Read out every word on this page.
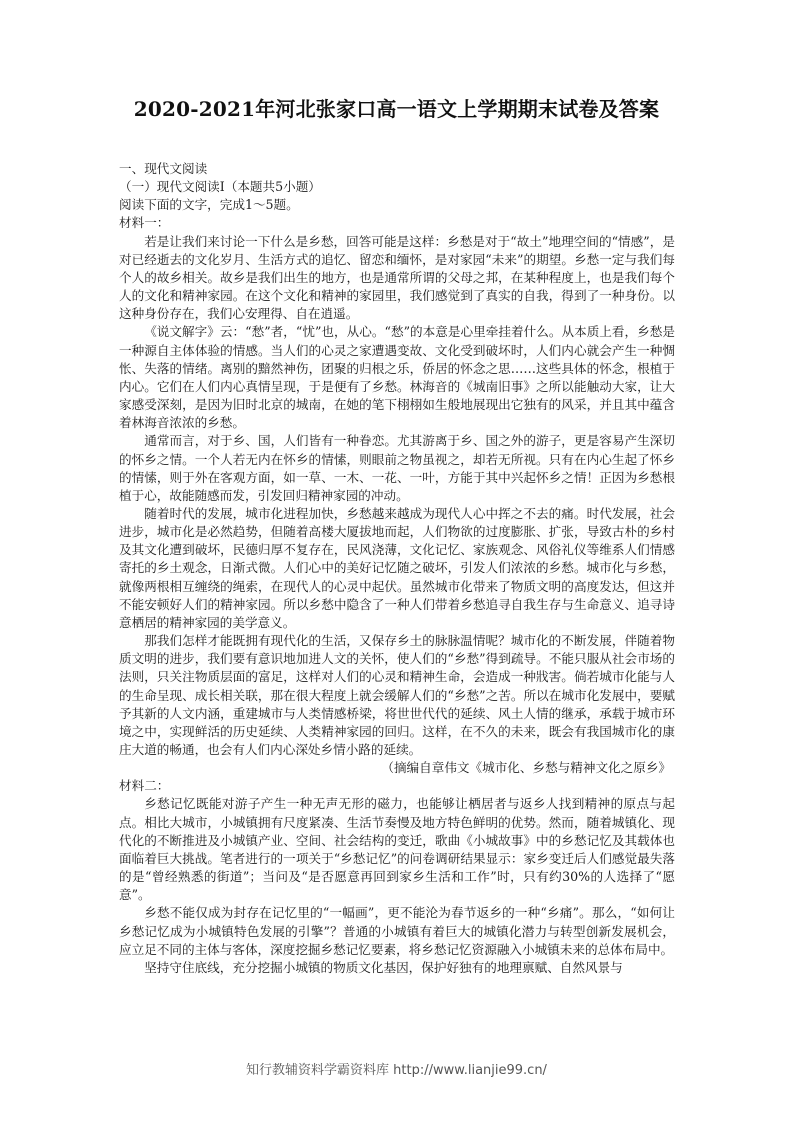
2020-2021年河北张家口高一语文上学期期末试卷及答案
一、现代文阅读
（一）现代文阅读Ⅰ（本题共5小题）
阅读下面的文字，完成1～5题。
材料一：

若是让我们来讨论一下什么是乡愁，回答可能是这样：乡愁是对于“故土”地理空间的“情感”，是对已经逝去的文化岁月、生活方式的追忆、留恋和缅怀，是对家园“未来”的期望。乡愁一定与我们每个人的故乡相关。故乡是我们出生的地方，也是通常所谓的父母之邦，在某种程度上，也是我们每个人的文化和精神家园。在这个文化和精神的家园里，我们感觉到了真实的自我，得到了一种身份。以这种身份存在，我们心安理得、自在逍遥。

《说文解字》云：“愁”者，“忧”也，从心。“愁”的本意是心里牵挂着什么。从本质上看，乡愁是一种源自主体体验的情感。当人们的心灵之家遭遇变故、文化受到破坏时，人们内心就会产生一种惆怅、失落的情绪。离别的黯然神伤，团聚的归根之乐，侨居的怀念之思……这些具体的怀念，根植于内心。它们在人们内心真情呈现，于是便有了乡愁。林海音的《城南旧事》之所以能触动大家，让大家感受深刻，是因为旧时北京的城南，在她的笔下栩栩如生般地展现出它独有的风采，并且其中蕴含着林海音浓浓的乡愁。

通常而言，对于乡、国，人们皆有一种眷恋。尤其游离于乡、国之外的游子，更是容易产生深切的怀乡之情。一个人若无内在怀乡的情愫，则眼前之物虽视之，却若无所视。只有在内心生起了怀乡的情愫，则于外在客观方面，如一草、一木、一花、一叶，方能于其中兴起怀乡之情！正因为乡愁根植于心，故能随感而发，引发回归精神家园的冲动。

随着时代的发展，城市化进程加快，乡愁越来越成为现代人心中挥之不去的痛。时代发展，社会进步，城市化是必然趋势，但随着高楼大厦拔地而起，人们物欲的过度膨胀、扩张，导致古朴的乡村及其文化遭到破坏，民德归厚不复存在，民风浇薄，文化记忆、家族观念、风俗礼仪等维系人们情感寄托的乡土观念，日渐式微。人们心中的美好记忆随之破坏，引发人们浓浓的乡愁。城市化与乡愁，就像两根相互缠绕的绳索，在现代人的心灵中起伏。虽然城市化带来了物质文明的高度发达，但这并不能安顿好人们的精神家园。所以乡愁中隐含了一种人们带着乡愁追寻自我生存与生命意义、追寻诗意栖居的精神家园的美学意义。

那我们怎样才能既拥有现代化的生活，又保存乡土的脉脉温情呢？城市化的不断发展，伴随着物质文明的进步，我们要有意识地加进人文的关怀，使人们的“乡愁”得到疏导。不能只服从社会市场的法则，只关注物质层面的富足，这样对人们的心灵和精神生命，会造成一种戕害。倘若城市化能与人的生命呈现、成长相关联，那在很大程度上就会缓解人们的“乡愁”之苦。所以在城市化发展中，要赋予其新的人文内涵，重建城市与人类情感桥梁，将世世代代的延续、风土人情的继承，承载于城市环境之中，实现鲜活的历史延续、人类精神家园的回归。这样，在不久的未来，既会有我国城市化的康庄大道的畅通，也会有人们内心深处乡情小路的延续。

（摘编自章伟文《城市化、乡愁与精神文化之原乡》
材料二：

乡愁记忆既能对游子产生一种无声无形的磁力，也能够让栖居者与返乡人找到精神的原点与起点。相比大城市，小城镇拥有尺度紧凑、生活节奏慢及地方特色鲜明的优势。然而，随着城镇化、现代化的不断推进及小城镇产业、空间、社会结构的变迁，歌曲《小城故事》中的乡愁记忆及其载体也面临着巨大挑战。笔者进行的一项关于“乡愁记忆”的问卷调研结果显示：家乡变迁后人们感觉最失落的是“曾经熟悉的街道”；当问及“是否愿意再回到家乡生活和工作”时，只有约30%的人选择了“愿意”。

乡愁不能仅成为封存在记忆里的“一幅画”，更不能沦为春节返乡的一种“乡痛”。那么，“如何让乡愁记忆成为小城镇特色发展的引擎”？普通的小城镇有着巨大的城镇化潜力与转型创新发展机会，应立足不同的主体与客体，深度挖掘乡愁记忆要素，将乡愁记忆资源融入小城镇未来的总体布局中。

坚持守住底线，充分挖掘小城镇的物质文化基因，保护好独有的地理禀赋、自然风景与

知行教辅资料学霸资料库 http://www.lianjie99.cn/
